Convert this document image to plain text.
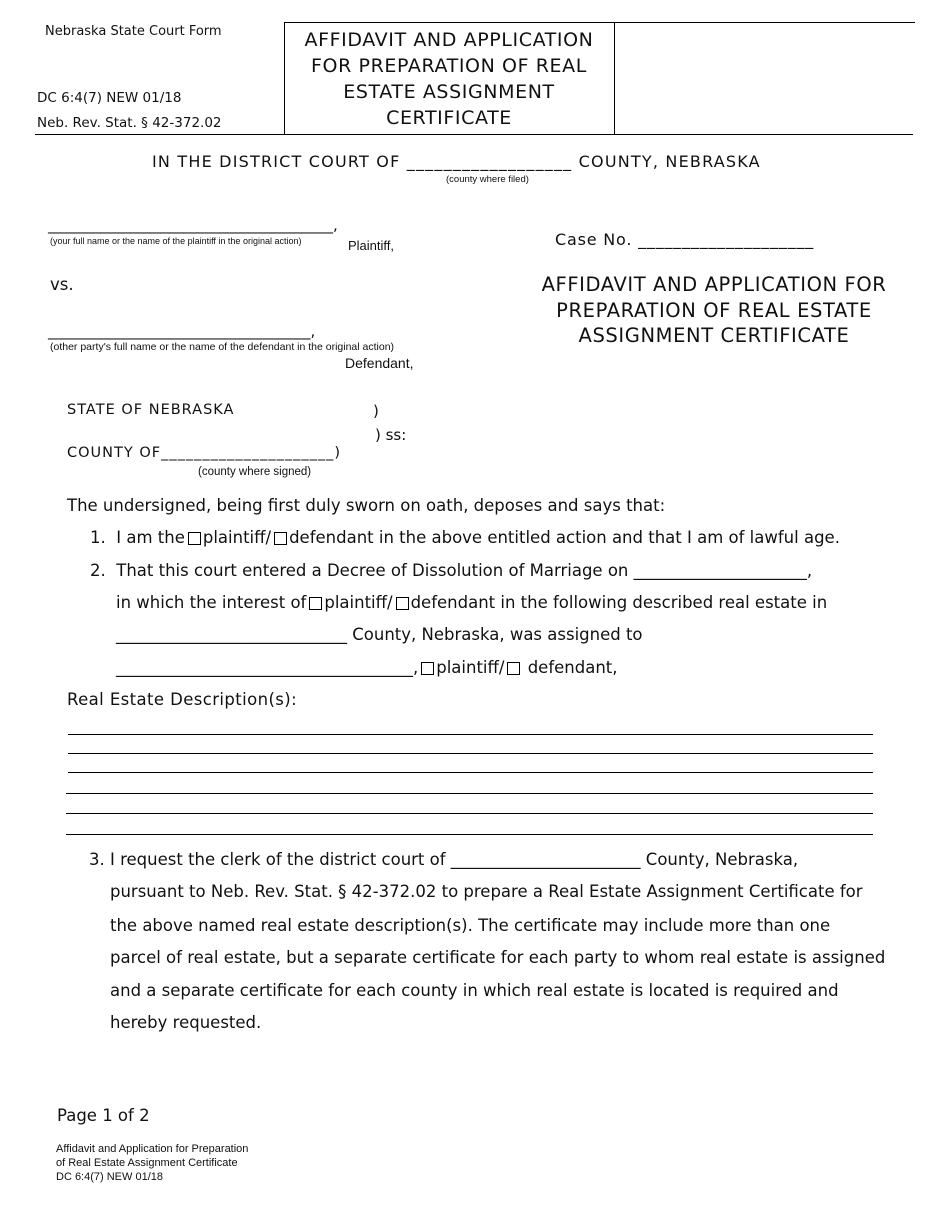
Nebraska State Court Form
DC 6:4(7) NEW 01/18
Neb. Rev. Stat. § 42-372.02
AFFIDAVIT AND APPLICATION FOR PREPARATION OF REAL ESTATE ASSIGNMENT CERTIFICATE
IN THE DISTRICT COURT OF __________________ COUNTY, NEBRASKA
(county where filed)
______________________________________,
(your full name or the name of the plaintiff in the original action)	Plaintiff,
vs.
___________________________________,
(other party's full name or the name of the defendant in the original action)
Defendant,
Case No. ____________________
AFFIDAVIT AND APPLICATION FOR PREPARATION OF REAL ESTATE ASSIGNMENT CERTIFICATE
STATE OF NEBRASKA	)
) ss:
COUNTY OF_____________________)
(county where signed)
The undersigned, being first duly sworn on oath, deposes and says that:
1. I am the plaintiff/ defendant in the above entitled action and that I am of lawful age.
2. That this court entered a Decree of Dissolution of Marriage on _____________________,
in which the interest of plaintiff/ defendant in the following described real estate in
____________________________ County, Nebraska, was assigned to
____________________________________, plaintiff/ defendant,
Real Estate Description(s):
3. I request the clerk of the district court of _______________________ County, Nebraska,
pursuant to Neb. Rev. Stat. § 42-372.02 to prepare a Real Estate Assignment Certificate for
the above named real estate description(s). The certificate may include more than one
parcel of real estate, but a separate certificate for each party to whom real estate is assigned
and a separate certificate for each county in which real estate is located is required and
hereby requested.
Page 1 of 2
Affidavit and Application for Preparation
of Real Estate Assignment Certificate
DC 6:4(7) NEW 01/18
